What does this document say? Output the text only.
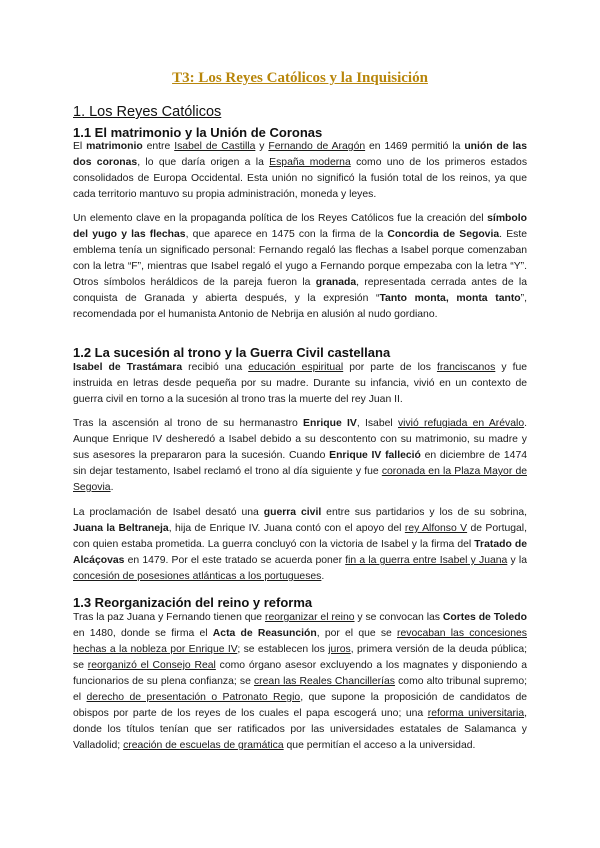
T3: Los Reyes Católicos y la Inquisición
1. Los Reyes Católicos
1.1 El matrimonio y la Unión de Coronas

El matrimonio entre Isabel de Castilla y Fernando de Aragón en 1469 permitió la unión de las dos coronas, lo que daría origen a la España moderna como uno de los primeros estados consolidados de Europa Occidental. Esta unión no significó la fusión total de los reinos, ya que cada territorio mantuvo su propia administración, moneda y leyes.

Un elemento clave en la propaganda política de los Reyes Católicos fue la creación del símbolo del yugo y las flechas, que aparece en 1475 con la firma de la Concordia de Segovia. Este emblema tenía un significado personal: Fernando regaló las flechas a Isabel porque comenzaban con la letra “F”, mientras que Isabel regaló el yugo a Fernando porque empezaba con la letra “Y”. Otros símbolos heráldicos de la pareja fueron la granada, representada cerrada antes de la conquista de Granada y abierta después, y la expresión “Tanto monta, monta tanto”, recomendada por el humanista Antonio de Nebrija en alusión al nudo gordiano.

1.2 La sucesión al trono y la Guerra Civil castellana

Isabel de Trastámara recibió una educación espiritual por parte de los franciscanos y fue instruida en letras desde pequeña por su madre. Durante su infancia, vivió en un contexto de guerra civil en torno a la sucesión al trono tras la muerte del rey Juan II.

Tras la ascensión al trono de su hermanastro Enrique IV, Isabel vivió refugiada en Arévalo. Aunque Enrique IV desheredó a Isabel debido a su descontento con su matrimonio, su madre y sus asesores la prepararon para la sucesión. Cuando Enrique IV falleció en diciembre de 1474 sin dejar testamento, Isabel reclamó el trono al día siguiente y fue coronada en la Plaza Mayor de Segovia.

La proclamación de Isabel desató una guerra civil entre sus partidarios y los de su sobrina, Juana la Beltraneja, hija de Enrique IV. Juana contó con el apoyo del rey Alfonso V de Portugal, con quien estaba prometida. La guerra concluyó con la victoria de Isabel y la firma del Tratado de Alcáçovas en 1479. Por el este tratado se acuerda poner fin a la guerra entre Isabel y Juana y la concesión de posesiones atlánticas a los portugueses.

1.3 Reorganización del reino y reforma

Tras la paz Juana y Fernando tienen que reorganizar el reino y se convocan las Cortes de Toledo en 1480, donde se firma el Acta de Reasunción, por el que se revocaban las concesiones hechas a la nobleza por Enrique IV; se establecen los juros, primera versión de la deuda pública; se reorganizó el Consejo Real como órgano asesor excluyendo a los magnates y disponiendo a funcionarios de su plena confianza; se crean las Reales Chancillerías como alto tribunal supremo; el derecho de presentación o Patronato Regio, que supone la proposición de candidatos de obispos por parte de los reyes de los cuales el papa escogerá uno; una reforma universitaria, donde los títulos tenían que ser ratificados por las universidades estatales de Salamanca y Valladolid; creación de escuelas de gramática que permitían el acceso a la universidad.
